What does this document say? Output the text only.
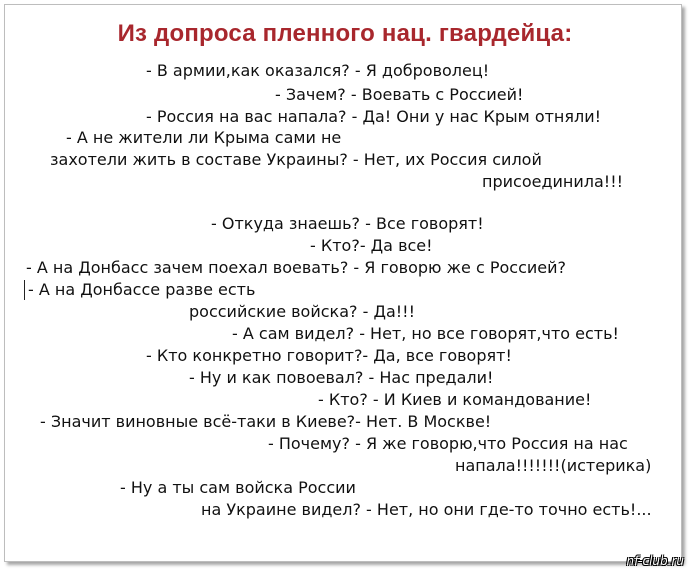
Из допроса пленного нац. гвардейца:
- В армии,как оказался? - Я доброволец!
- Зачем? - Воевать с Россией!
- Россия на вас напала? - Да! Они у нас Крым отняли!
- А не жители ли Крыма сами не
захотели жить в составе Украины? - Нет, их Россия силой
присоединила!!!
- Откуда знаешь? - Все говорят!
- Кто?- Да все!
- А на Донбасс зачем поехал воевать? - Я говорю же с Россией?
- А на Донбассе разве есть
российские войска? - Да!!!
- А сам видел? - Нет, но все говорят,что есть!
- Кто конкретно говорит?- Да, все говорят!
- Ну и как повоевал? - Нас предали!
- Кто? - И Киев и командование!
- Значит виновные всё-таки в Киеве?- Нет. В Москве!
- Почему? - Я же говорю,что Россия на нас
напала!!!!!!!(истерика)
- Ну а ты сам войска России
на Украине видел? - Нет, но они где-то точно есть!...
nf-club.ru
